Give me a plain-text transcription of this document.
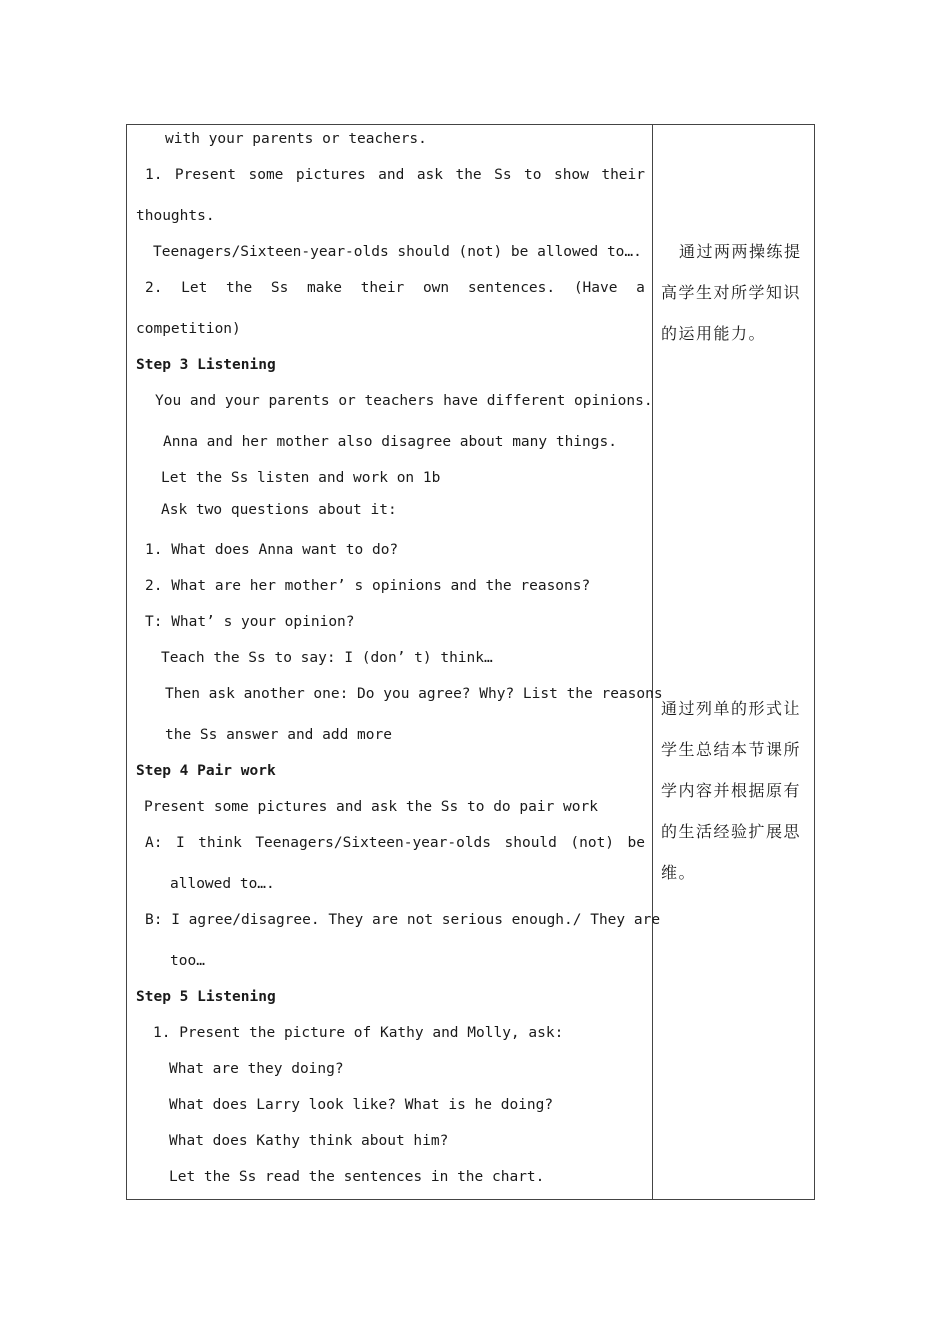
with your parents or teachers.
1. Present some pictures and ask the Ss to show their
thoughts.
Teenagers/Sixteen-year-olds should (not) be allowed to….
2. Let the Ss make their own sentences. (Have a
competition)
Step 3 Listening
You and your parents or teachers have different opinions.
Anna and her mother also disagree about many things.
Let the Ss listen and work on 1b
Ask two questions about it:
1. What does Anna want to do?
2. What are her mother’ s opinions and the reasons?
T: What’ s your opinion?
Teach the Ss to say: I (don’ t) think…
Then ask another one: Do you agree? Why? List the reasons
the Ss answer and add more
Step 4 Pair work
Present some pictures and ask the Ss to do pair work
A: I think Teenagers/Sixteen-year-olds should (not) be
allowed to….
B: I agree/disagree. They are not serious enough./ They are
too…
Step 5 Listening
1. Present the picture of Kathy and Molly, ask:
What are they doing?
What does Larry look like? What is he doing?
What does Kathy think about him?
Let the Ss read the sentences in the chart.
通过两两操练提
高学生对所学知识
的运用能力。
通过列单的形式让
学生总结本节课所
学内容并根据原有
的生活经验扩展思
维。
